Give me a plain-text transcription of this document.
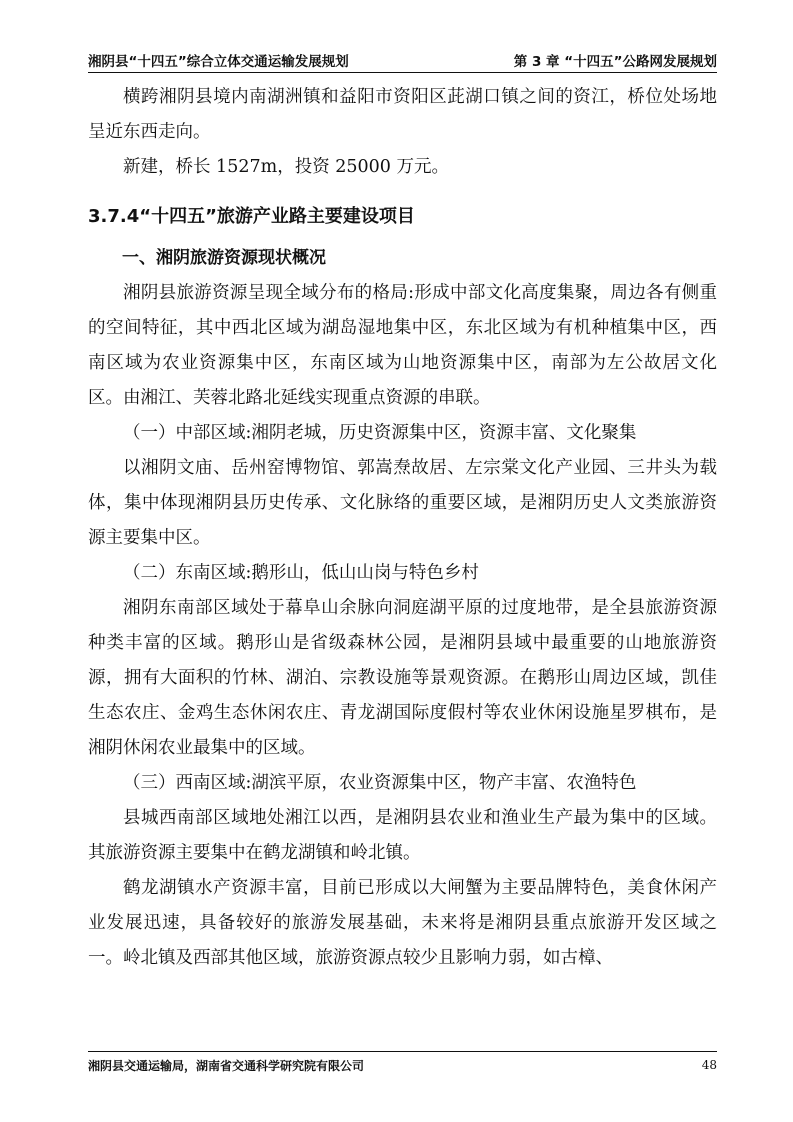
湘阴县“十四五”综合立体交通运输发展规划	第 3 章 “十四五”公路网发展规划

横跨湘阴县境内南湖洲镇和益阳市资阳区茈湖口镇之间的资江，桥位处场地呈近东西走向。

新建，桥长 1527m，投资 25000 万元。

3.7.4“十四五”旅游产业路主要建设项目
一、湘阴旅游资源现状概况

湘阴县旅游资源呈现全域分布的格局:形成中部文化高度集聚，周边各有侧重的空间特征，其中西北区域为湖岛湿地集中区，东北区域为有机种植集中区，西南区域为农业资源集中区，东南区域为山地资源集中区，南部为左公故居文化区。由湘江、芙蓉北路北延线实现重点资源的串联。

（一）中部区域:湘阴老城，历史资源集中区，资源丰富、文化聚集

以湘阴文庙、岳州窑博物馆、郭嵩焘故居、左宗棠文化产业园、三井头为载体，集中体现湘阴县历史传承、文化脉络的重要区域，是湘阴历史人文类旅游资源主要集中区。

（二）东南区域:鹅形山，低山山岗与特色乡村

湘阴东南部区域处于幕阜山余脉向洞庭湖平原的过度地带，是全县旅游资源种类丰富的区域。鹅形山是省级森林公园，是湘阴县域中最重要的山地旅游资源，拥有大面积的竹林、湖泊、宗教设施等景观资源。在鹅形山周边区域，凯佳生态农庄、金鸡生态休闲农庄、青龙湖国际度假村等农业休闲设施星罗棋布，是湘阴休闲农业最集中的区域。

（三）西南区域:湖滨平原，农业资源集中区，物产丰富、农渔特色

县城西南部区域地处湘江以西，是湘阴县农业和渔业生产最为集中的区域。其旅游资源主要集中在鹤龙湖镇和岭北镇。

鹤龙湖镇水产资源丰富，目前已形成以大闸蟹为主要品牌特色，美食休闲产业发展迅速，具备较好的旅游发展基础，未来将是湘阴县重点旅游开发区域之一。岭北镇及西部其他区域，旅游资源点较少且影响力弱，如古樟、

湘阴县交通运输局，湖南省交通科学研究院有限公司	48
